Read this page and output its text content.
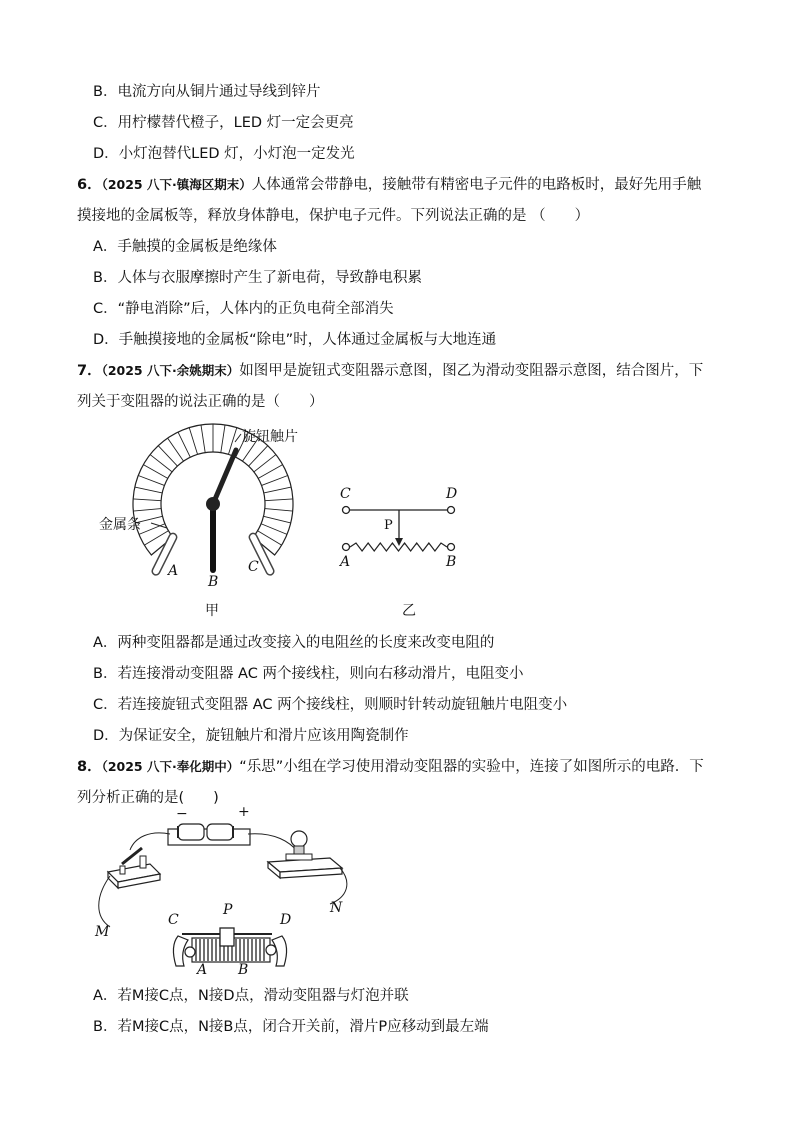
B．电流方向从铜片通过导线到锌片
C．用柠檬替代橙子，LED 灯一定会更亮
D．小灯泡替代LED 灯，小灯泡一定发光
6．（2025 八下·镇海区期末）人体通常会带静电，接触带有精密电子元件的电路板时，最好先用手触
摸接地的金属板等，释放身体静电，保护电子元件。下列说法正确的是 （　　）
A．手触摸的金属板是绝缘体
B．人体与衣服摩擦时产生了新电荷，导致静电积累
C．“静电消除”后，人体内的正负电荷全部消失
D．手触摸接地的金属板“除电”时，人体通过金属板与大地连通
7．（2025 八下·余姚期末）如图甲是旋钮式变阻器示意图，图乙为滑动变阻器示意图，结合图片，下
列关于变阻器的说法正确的是（　　）
旋钮触片
金属条
A
B
C
甲
C	D
P
A	B
乙
A．两种变阻器都是通过改变接入的电阻丝的长度来改变电阻的
B．若连接滑动变阻器 AC 两个接线柱，则向右移动滑片，电阻变小
C．若连接旋钮式变阻器 AC 两个接线柱，则顺时针转动旋钮触片电阻变小
D．为保证安全，旋钮触片和滑片应该用陶瓷制作
8．（2025 八下·奉化期中）“乐思”小组在学习使用滑动变阻器的实验中，连接了如图所示的电路．下
列分析正确的是(　　)
−	+
M
N
C
P
D
A B
A．若M接C点，N接D点，滑动变阻器与灯泡并联
B．若M接C点，N接B点，闭合开关前，滑片P应移动到最左端
